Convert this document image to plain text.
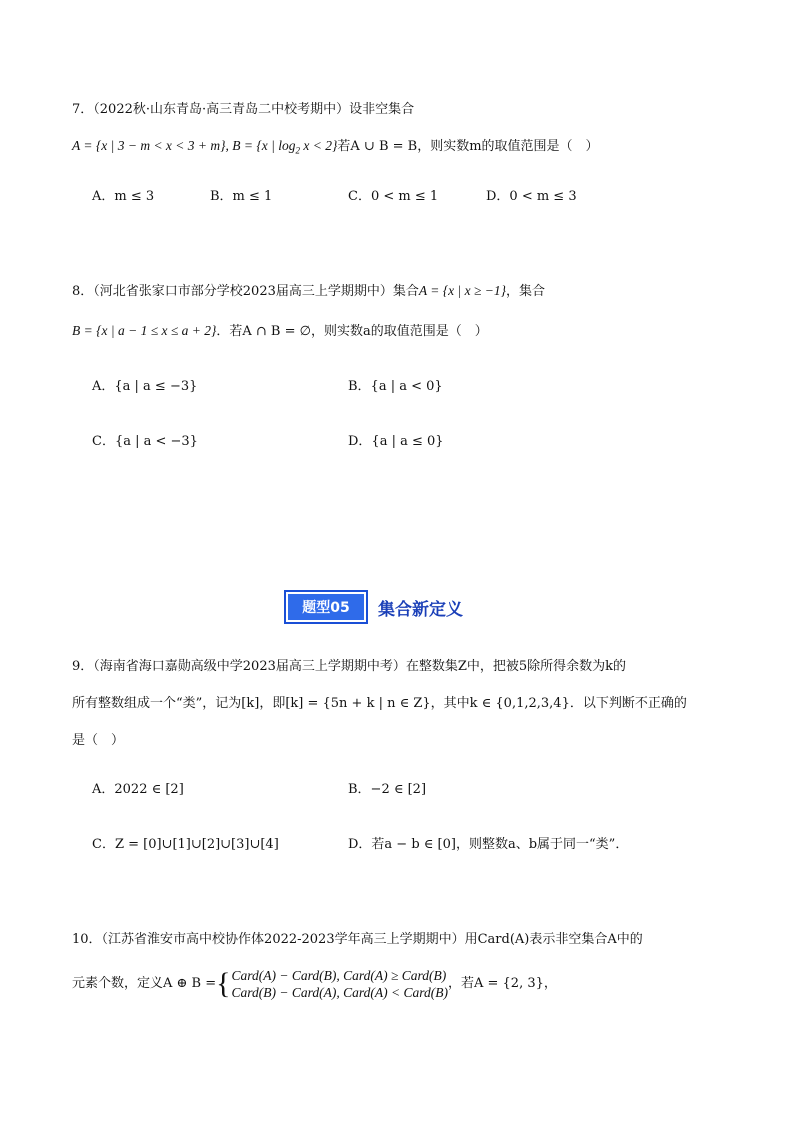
7．（2022秋·山东青岛·高三青岛二中校考期中）设非空集合
A = {x | 3 − m < x < 3 + m}, B = {x | $\log_2 x < 2$}若A ∪ B = B，则实数m的取值范围是（　）
A．m ≤ 3	B．m ≤ 1	C．0 < m ≤ 1	D．0 < m ≤ 3
8．（河北省张家口市部分学校2023届高三上学期期中）集合A = {x | x ≥ −1}，集合
B = {x | a − 1 ≤ x ≤ a + 2}．若A ∩ B = ∅，则实数a的取值范围是（　）
A．{a | a ≤ −3}	B．{a | a < 0}
C．{a | a < −3}	D．{a | a ≤ 0}
题型05	集合新定义
9．（海南省海口嘉勋高级中学2023届高三上学期期中考）在整数集Z中，把被5除所得余数为k的
所有整数组成一个“类”，记为[k]，即[k] = {5n + k | n ∈ Z}，其中k ∈ {0,1,2,3,4}．以下判断不正确的
是（　）
A．2022 ∈ [2]	B．−2 ∈ [2]
C．Z = [0]∪[1]∪[2]∪[3]∪[4]	D．若a − b ∈ [0]，则整数a、b属于同一“类”．
10．（江苏省淮安市高中校协作体2022-2023学年高三上学期期中）用Card(A)表示非空集合A中的
元素个数，定义A ⊕ B = { Card(A) − Card(B), Card(A) ≥ Card(B)
Card(B) − Card(A), Card(A) < Card(B)
，若A = {2, 3}，
